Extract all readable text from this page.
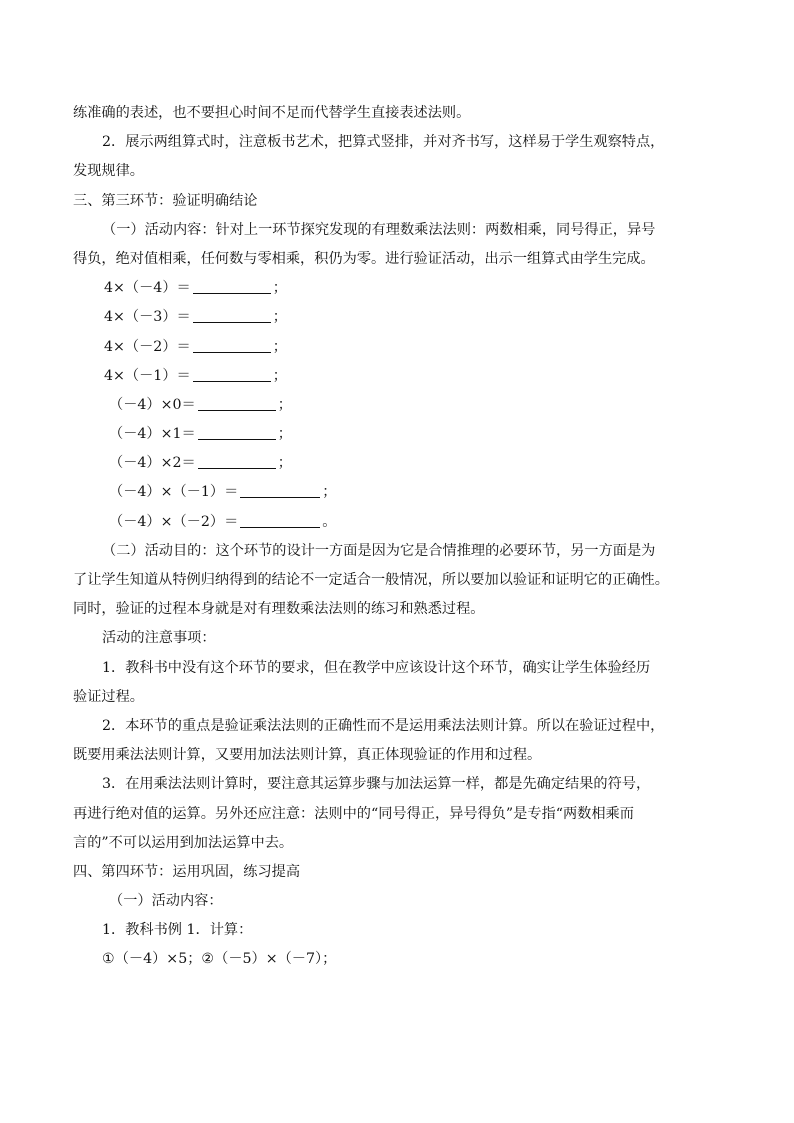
练准确的表述，也不要担心时间不足而代替学生直接表述法则。
2．展示两组算式时，注意板书艺术，把算式竖排，并对齐书写，这样易于学生观察特点，
发现规律。
三、第三环节：验证明确结论
（一）活动内容：针对上一环节探究发现的有理数乘法法则：两数相乘，同号得正，异号
得负，绝对值相乘，任何数与零相乘，积仍为零。进行验证活动，出示一组算式由学生完成。
4×（－4）＝	；
4×（－3）＝	；
4×（－2）＝	；
4×（－1）＝	；
（－4）×0＝	；
（－4）×1＝	；
（－4）×2＝	；
（－4）×（－1）＝	；
（－4）×（－2）＝	。
（二）活动目的：这个环节的设计一方面是因为它是合情推理的必要环节，另一方面是为
了让学生知道从特例归纳得到的结论不一定适合一般情况，所以要加以验证和证明它的正确性。
同时，验证的过程本身就是对有理数乘法法则的练习和熟悉过程。
活动的注意事项：
1．教科书中没有这个环节的要求，但在教学中应该设计这个环节，确实让学生体验经历
验证过程。
2．本环节的重点是验证乘法法则的正确性而不是运用乘法法则计算。所以在验证过程中，
既要用乘法法则计算，又要用加法法则计算，真正体现验证的作用和过程。
3．在用乘法法则计算时，要注意其运算步骤与加法运算一样，都是先确定结果的符号，
再进行绝对值的运算。另外还应注意：法则中的“同号得正，异号得负”是专指“两数相乘而
言的”不可以运用到加法运算中去。
四、第四环节：运用巩固，练习提高
（一）活动内容：
1．教科书例 1．计算：
①（－4）×5；②（－5）×（－7）；
